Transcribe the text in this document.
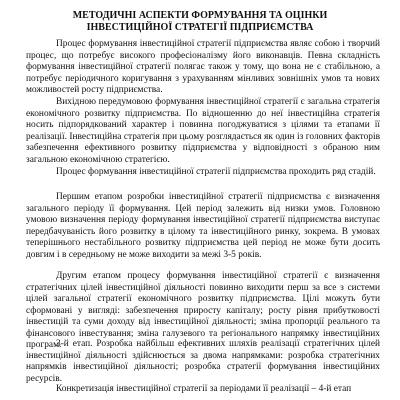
МЕТОДИЧНІ АСПЕКТИ ФОРМУВАННЯ ТА ОЦІНКИ
ІНВЕСТИЦІЙНОЇ СТРАТЕГІЇ ПІДПРИЄМСТВА

Процес формування інвестиційної стратегії підприємства являє собою і творчий процес, що потребує високого професіоналізму його виконавців. Певна складність формування інвестиційної стратегії полягає також у тому, що вона не є стабільною, а потребує періодичного коригування з урахуванням мінливих зовнішніх умов та нових можливостей росту підприємства.

Вихідною передумовою формування інвестиційної стратегії є загальна стратегія економічного розвитку підприємства. По відношенню до неї інвестиційна стратегія носить підпорядкований характер і повинна погоджуватися з цілями та етапами її реалізації. Інвестиційна стратегія при цьому розглядається як один із головних факторів забезпечення ефективного розвитку підприємства у відповідності з обраною ним загальною економічною стратегією.

Процес формування інвестиційної стратегії підприємства проходить ряд стадій.

Першим етапом розробки інвестиційної стратегії підприємства є визначення загального періоду її формування. Цей період залежить від низки умов. Головною умовою визначення періоду формування інвестиційної стратегії підприємства виступає передбачуваність його розвитку в цілому та інвестиційного ринку, зокрема. В умовах теперішнього нестабільного розвитку підприємства цей період не може бути досить довгим і в середньому не може виходити за межі 3-5 років.

Другим етапом процесу формування інвестиційної стратегії є визначення стратегічних цілей інвестиційної діяльності повинно виходити перш за все з системи цілей загальної стратегії економічного розвитку підприємства. Цілі можуть бути сформовані у вигляді: забезпечення приросту капіталу; росту рівня прибутковості інвестицій та суми доходу від інвестиційної діяльності; зміна пропорції реального та фінансового інвестування; зміна галузевого та регіонального напрямку інвестиційних програм.

3-й етап. Розробка найбільш ефективних шляхів реалізації стратегічних цілей інвестиційної діяльності здійснюється за двома напрямками: розробка стратегічних напрямків інвестиційної діяльності; розробка стратегії формування інвестиційних ресурсів.

Конкретизація інвестиційної стратегії за періодами її реалізації – 4-й етап
